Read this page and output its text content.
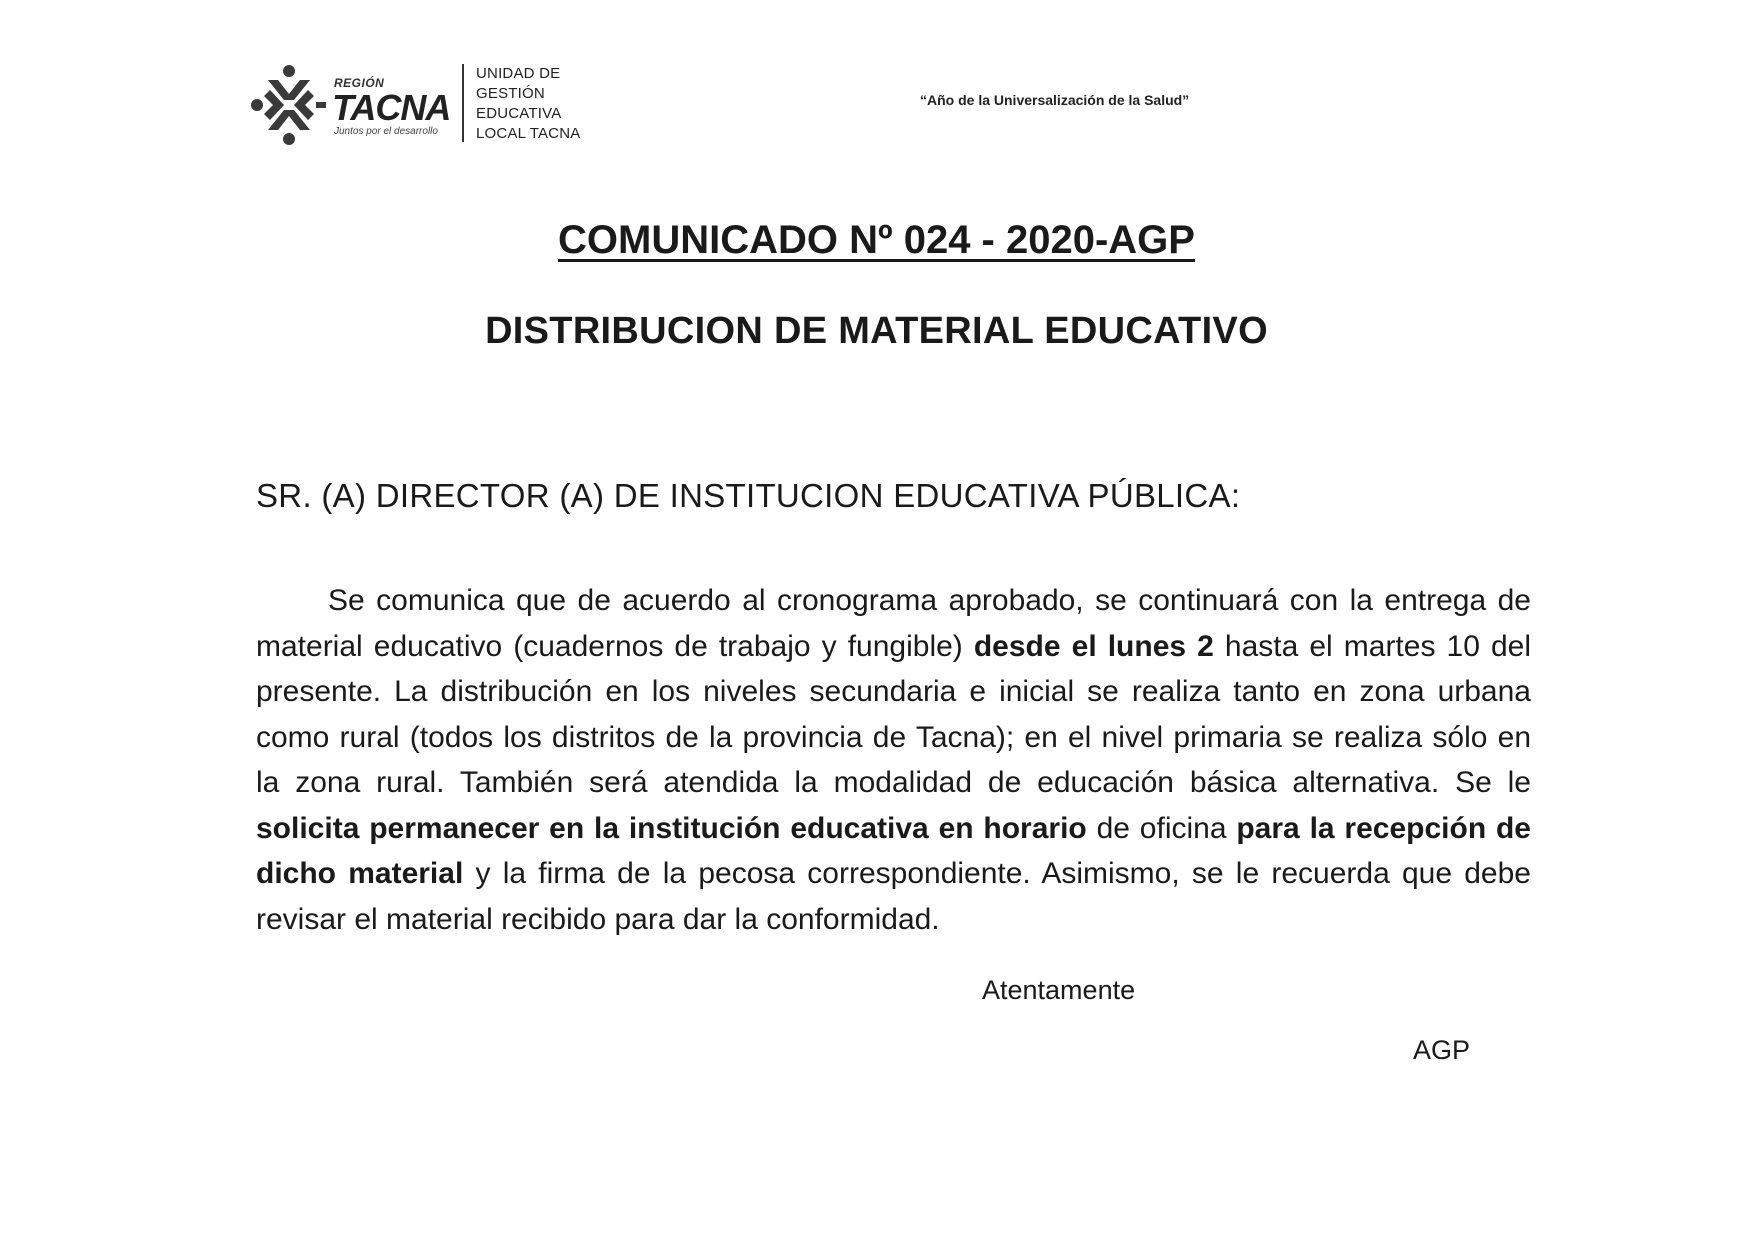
REGIÓN
TACNA
Juntos por el desarrollo
UNIDAD DE
GESTIÓN
EDUCATIVA
LOCAL TACNA
“Año de la Universalización de la Salud”
COMUNICADO Nº 024 - 2020-AGP
DISTRIBUCION DE MATERIAL EDUCATIVO
SR. (A) DIRECTOR (A) DE INSTITUCION EDUCATIVA PÚBLICA:

Se comunica que de acuerdo al cronograma aprobado, se continuará con la entrega de material educativo (cuadernos de trabajo y fungible) desde el lunes 2 hasta el martes 10 del presente. La distribución en los niveles secundaria e inicial se realiza tanto en zona urbana como rural (todos los distritos de la provincia de Tacna); en el nivel primaria se realiza sólo en la zona rural. También será atendida la modalidad de educación básica alternativa. Se le solicita permanecer en la institución educativa en horario de oficina para la recepción de dicho material y la firma de la pecosa correspondiente. Asimismo, se le recuerda que debe revisar el material recibido para dar la conformidad.

Atentamente
AGP
